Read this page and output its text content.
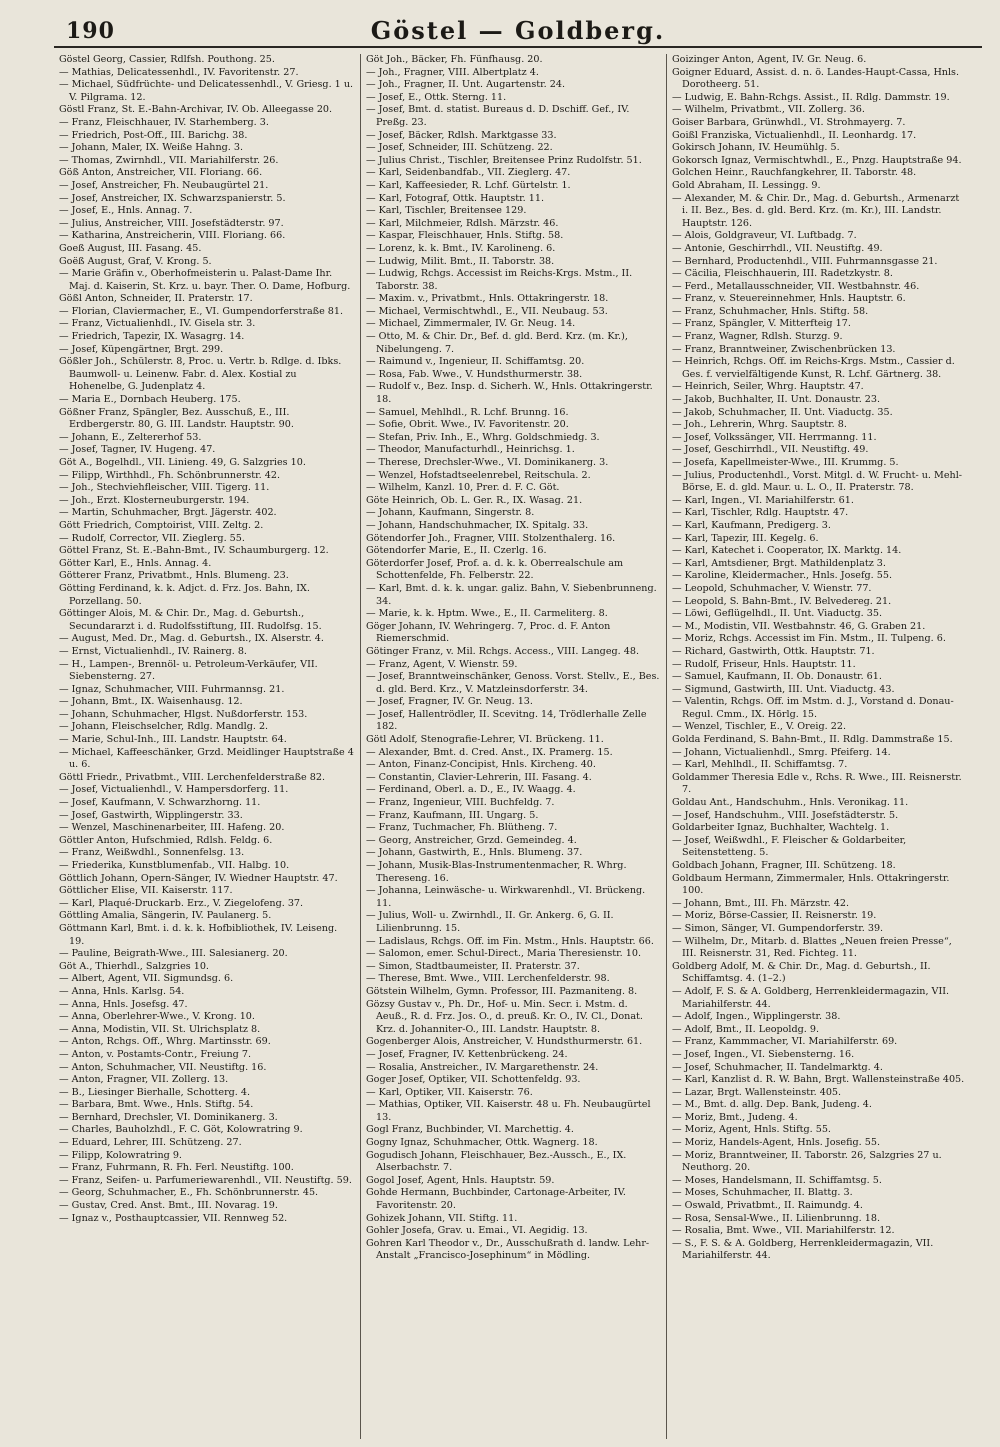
190	Göstel — Goldberg.
Göstel Georg, Cassier, Rdlfsh. Pouthong. 25.
— Mathias, Delicatessenhdl., IV. Favoritenstr. 27.
— Michael, Südfrüchte- und Delicatessenhdl., V. Griesg. 1 u. V. Pilgrama. 12.
Göstl Franz, St. E.-Bahn-Archivar, IV. Ob. Alleegasse 20.
— Franz, Fleischhauer, IV. Starhemberg. 3.
— Friedrich, Post-Off., III. Barichg. 38.
— Johann, Maler, IX. Weiße Hahng. 3.
— Thomas, Zwirnhdl., VII. Mariahilferstr. 26.
Göß Anton, Anstreicher, VII. Floriang. 66.
— Josef, Anstreicher, Fh. Neubaugürtel 21.
— Josef, Anstreicher, IX. Schwarzspanierstr. 5.
— Josef, E., Hnls. Annag. 7.
— Julius, Anstreicher, VIII. Josefstädterstr. 97.
— Katharina, Anstreicherin, VIII. Floriang. 66.
Goeß August, III. Fasang. 45.
Goëß August, Graf, V. Krong. 5.
— Marie Gräfin v., Oberhofmeisterin u. Palast-Dame Ihr. Maj. d. Kaiserin, St. Krz. u. bayr. Ther. O. Dame, Hofburg.
Gößl Anton, Schneider, II. Praterstr. 17.
— Florian, Claviermacher, E., VI. Gumpendorferstraße 81.
— Franz, Victualienhdl., IV. Gisela str. 3.
— Friedrich, Tapezir, IX. Wasagrg. 14.
— Josef, Küpengärtner, Brgt. 299.
Gößler Joh., Schülerstr. 8, Proc. u. Vertr. b. Rdlge. d. Ibks. Baumwoll- u. Leinenw. Fabr. d. Alex. Kostial zu Hohenelbe, G. Judenplatz 4.
— Maria E., Dornbach Heuberg. 175.
Gößner Franz, Spängler, Bez. Ausschuß, E., III. Erdbergerstr. 80, G. III. Landstr. Hauptstr. 90.
— Johann, E., Zeltererhof 53.
— Josef, Tagner, IV. Hugeng. 47.
Göt A., Bogelhdl., VII. Linieng. 49, G. Salzgries 10.
— Filipp, Wirthhdl., Fh. Schönbrunnerstr. 42.
— Joh., Stechviehfleischer, VIII. Tigerg. 11.
— Joh., Erzt. Klosterneuburgerstr. 194.
— Martin, Schuhmacher, Brgt. Jägerstr. 402.
Gött Friedrich, Comptoirist, VIII. Zeltg. 2.
— Rudolf, Corrector, VII. Zieglerg. 55.
Göttel Franz, St. E.-Bahn-Bmt., IV. Schaumburgerg. 12.
Götter Karl, E., Hnls. Annag. 4.
Götterer Franz, Privatbmt., Hnls. Blumeng. 23.
Götting Ferdinand, k. k. Adjct. d. Frz. Jos. Bahn, IX. Porzellang. 50.
Göttinger Alois, M. & Chir. Dr., Mag. d. Geburtsh., Secundararzt i. d. Rudolfsstiftung, III. Rudolfsg. 15.
— August, Med. Dr., Mag. d. Geburtsh., IX. Alserstr. 4.
— Ernst, Victualienhdl., IV. Rainerg. 8.
— H., Lampen-, Brennöl- u. Petroleum-Verkäufer, VII. Siebensterng. 27.
— Ignaz, Schuhmacher, VIII. Fuhrmannsg. 21.
— Johann, Bmt., IX. Waisenhausg. 12.
— Johann, Schuhmacher, Hlgst. Nußdorferstr. 153.
— Johann, Fleischselcher, Rdlg. Mandlg. 2.
— Marie, Schul-Inh., III. Landstr. Hauptstr. 64.
— Michael, Kaffeeschänker, Grzd. Meidlinger Hauptstraße 4 u. 6.
Göttl Friedr., Privatbmt., VIII. Lerchenfelderstraße 82.
— Josef, Victualienhdl., V. Hampersdorferg. 11.
— Josef, Kaufmann, V. Schwarzhorng. 11.
— Josef, Gastwirth, Wipplingerstr. 33.
— Wenzel, Maschinenarbeiter, III. Hafeng. 20.
Göttler Anton, Hufschmied, Rdlsh. Feldg. 6.
— Franz, Weißwdhl., Sonnenfelsg. 13.
— Friederika, Kunstblumenfab., VII. Halbg. 10.
Göttlich Johann, Opern-Sänger, IV. Wiedner Hauptstr. 47.
Göttlicher Elise, VII. Kaiserstr. 117.
— Karl, Plaqué-Druckarb. Erz., V. Ziegelofeng. 37.
Göttling Amalia, Sängerin, IV. Paulanerg. 5.
Göttmann Karl, Bmt. i. d. k. k. Hofbibliothek, IV. Leiseng. 19.
— Pauline, Beigrath-Wwe., III. Salesianerg. 20.
Göt A., Thierhdl., Salzgries 10.
— Albert, Agent, VII. Sigmundsg. 6.
— Anna, Hnls. Karlsg. 54.
— Anna, Hnls. Josefsg. 47.
— Anna, Oberlehrer-Wwe., V. Krong. 10.
— Anna, Modistin, VII. St. Ulrichsplatz 8.
— Anton, Rchgs. Off., Whrg. Martinsstr. 69.
— Anton, v. Postamts-Contr., Freiung 7.
— Anton, Schuhmacher, VII. Neustiftg. 16.
— Anton, Fragner, VII. Zollerg. 13.
— B., Liesinger Bierhalle, Schotterg. 4.
— Barbara, Bmt. Wwe., Hnls. Stiftg. 54.
— Bernhard, Drechsler, VI. Dominikanerg. 3.
— Charles, Bauholzhdl., F. C. Göt, Kolowratring 9.
— Eduard, Lehrer, III. Schützeng. 27.
— Filipp, Kolowratring 9.
— Franz, Fuhrmann, R. Fh. Ferl. Neustiftg. 100.
— Franz, Seifen- u. Parfumeriewarenhdl., VII. Neustiftg. 59.
— Georg, Schuhmacher, E., Fh. Schönbrunnerstr. 45.
— Gustav, Cred. Anst. Bmt., III. Novarag. 19.
— Ignaz v., Posthauptcassier, VII. Rennweg 52.
Göt Joh., Bäcker, Fh. Fünfhausg. 20.
— Joh., Fragner, VIII. Albertplatz 4.
— Joh., Fragner, II. Unt. Augartenstr. 24.
— Josef, E., Ottk. Sterng. 11.
— Josef, Bmt. d. statist. Bureaus d. D. Dschiff. Gef., IV. Preßg. 23.
— Josef, Bäcker, Rdlsh. Marktgasse 33.
— Josef, Schneider, III. Schützeng. 22.
— Julius Christ., Tischler, Breitensee Prinz Rudolfstr. 51.
— Karl, Seidenbandfab., VII. Zieglerg. 47.
— Karl, Kaffeesieder, R. Lchf. Gürtelstr. 1.
— Karl, Fotograf, Ottk. Hauptstr. 11.
— Karl, Tischler, Breitensee 129.
— Karl, Milchmeier, Rdlsh. Märzstr. 46.
— Kaspar, Fleischhauer, Hnls. Stiftg. 58.
— Lorenz, k. k. Bmt., IV. Karolineng. 6.
— Ludwig, Milit. Bmt., II. Taborstr. 38.
— Ludwig, Rchgs. Accessist im Reichs-Krgs. Mstm., II. Taborstr. 38.
— Maxim. v., Privatbmt., Hnls. Ottakringerstr. 18.
— Michael, Vermischtwhdl., E., VII. Neubaug. 53.
— Michael, Zimmermaler, IV. Gr. Neug. 14.
— Otto, M. & Chir. Dr., Bef. d. gld. Berd. Krz. (m. Kr.), Nibelungeng. 7.
— Raimund v., Ingenieur, II. Schiffamtsg. 20.
— Rosa, Fab. Wwe., V. Hundsthurmerstr. 38.
— Rudolf v., Bez. Insp. d. Sicherh. W., Hnls. Ottakringerstr. 18.
— Samuel, Mehlhdl., R. Lchf. Brunng. 16.
— Sofie, Obrit. Wwe., IV. Favoritenstr. 20.
— Stefan, Priv. Inh., E., Whrg. Goldschmiedg. 3.
— Theodor, Manufacturhdl., Heinrichsg. 1.
— Therese, Drechsler-Wwe., VI. Dominikanerg. 3.
— Wenzel, Hofstadtseelenrebel, Reitschula. 2.
— Wilhelm, Kanzl. 10, Prer. d. F. C. Göt.
Göte Heinrich, Ob. L. Ger. R., IX. Wasag. 21.
— Johann, Kaufmann, Singerstr. 8.
— Johann, Handschuhmacher, IX. Spitalg. 33.
Götendorfer Joh., Fragner, VIII. Stolzenthalerg. 16.
Götendorfer Marie, E., II. Czerlg. 16.
Göterdorfer Josef, Prof. a. d. k. k. Oberrealschule am Schottenfelde, Fh. Felberstr. 22.
— Karl, Bmt. d. k. k. ungar. galiz. Bahn, V. Siebenbrunneng. 34.
— Marie, k. k. Hptm. Wwe., E., II. Carmeliterg. 8.
Göger Johann, IV. Wehringerg. 7, Proc. d. F. Anton Riemerschmid.
Götinger Franz, v. Mil. Rchgs. Access., VIII. Langeg. 48.
— Franz, Agent, V. Wienstr. 59.
— Josef, Branntweinschänker, Genoss. Vorst. Stellv., E., Bes. d. gld. Berd. Krz., V. Matzleinsdorferstr. 34.
— Josef, Fragner, IV. Gr. Neug. 13.
— Josef, Hallentrödler, II. Scevitng. 14, Trödlerhalle Zelle 182.
Götl Adolf, Stenografie-Lehrer, VI. Brückeng. 11.
— Alexander, Bmt. d. Cred. Anst., IX. Pramerg. 15.
— Anton, Finanz-Concipist, Hnls. Kircheng. 40.
— Constantin, Clavier-Lehrerin, III. Fasang. 4.
— Ferdinand, Oberl. a. D., E., IV. Waagg. 4.
— Franz, Ingenieur, VIII. Buchfeldg. 7.
— Franz, Kaufmann, III. Ungarg. 5.
— Franz, Tuchmacher, Fh. Blütheng. 7.
— Georg, Anstreicher, Grzd. Gemeindeg. 4.
— Johann, Gastwirth, E., Hnls. Blumeng. 37.
— Johann, Musik-Blas-Instrumentenmacher, R. Whrg. Thereseng. 16.
— Johanna, Leinwäsche- u. Wirkwarenhdl., VI. Brückeng. 11.
— Julius, Woll- u. Zwirnhdl., II. Gr. Ankerg. 6, G. II. Lilienbrunng. 15.
— Ladislaus, Rchgs. Off. im Fin. Mstm., Hnls. Hauptstr. 66.
— Salomon, emer. Schul-Direct., Maria Theresienstr. 10.
— Simon, Stadtbaumeister, II. Praterstr. 37.
— Therese, Bmt. Wwe., VIII. Lerchenfelderstr. 98.
Götstein Wilhelm, Gymn. Professor, III. Pazmaniteng. 8.
Gözsy Gustav v., Ph. Dr., Hof- u. Min. Secr. i. Mstm. d. Aeuß., R. d. Frz. Jos. O., d. preuß. Kr. O., IV. Cl., Donat. Krz. d. Johanniter-O., III. Landstr. Hauptstr. 8.
Gogenberger Alois, Anstreicher, V. Hundsthurmerstr. 61.
— Josef, Fragner, IV. Kettenbrückeng. 24.
— Rosalia, Anstreicher., IV. Margarethenstr. 24.
Goger Josef, Optiker, VII. Schottenfeldg. 93.
— Karl, Optiker, VII. Kaiserstr. 76.
— Mathias, Optiker, VII. Kaiserstr. 48 u. Fh. Neubaugürtel 13.
Gogl Franz, Buchbinder, VI. Marchettig. 4.
Gogny Ignaz, Schuhmacher, Ottk. Wagnerg. 18.
Gogudisch Johann, Fleischhauer, Bez.-Aussch., E., IX. Alserbachstr. 7.
Gogol Josef, Agent, Hnls. Hauptstr. 59.
Gohde Hermann, Buchbinder, Cartonage-Arbeiter, IV. Favoritenstr. 20.
Gohizek Johann, VII. Stiftg. 11.
Gohler Josefa, Grav. u. Emai., VI. Aegidig. 13.
Gohren Karl Theodor v., Dr., Ausschußrath d. landw. Lehr-Anstalt „Francisco-Josephinum“ in Mödling.
Goizinger Anton, Agent, IV. Gr. Neug. 6.
Goigner Eduard, Assist. d. n. ö. Landes-Haupt-Cassa, Hnls. Dorotheerg. 51.
— Ludwig, E. Bahn-Rchgs. Assist., II. Rdlg. Dammstr. 19.
— Wilhelm, Privatbmt., VII. Zollerg. 36.
Goiser Barbara, Grünwhdl., VI. Strohmayerg. 7.
Goißl Franziska, Victualienhdl., II. Leonhardg. 17.
Gokirsch Johann, IV. Heumühlg. 5.
Gokorsch Ignaz, Vermischtwhdl., E., Pnzg. Hauptstraße 94.
Golchen Heinr., Rauchfangkehrer, II. Taborstr. 48.
Gold Abraham, II. Lessingg. 9.
— Alexander, M. & Chir. Dr., Mag. d. Geburtsh., Armenarzt i. II. Bez., Bes. d. gld. Berd. Krz. (m. Kr.), III. Landstr. Hauptstr. 126.
— Alois, Goldgraveur, VI. Luftbadg. 7.
— Antonie, Geschirrhdl., VII. Neustiftg. 49.
— Bernhard, Productenhdl., VIII. Fuhrmannsgasse 21.
— Cäcilia, Fleischhauerin, III. Radetzkystr. 8.
— Ferd., Metallausschneider, VII. Westbahnstr. 46.
— Franz, v. Steuereinnehmer, Hnls. Hauptstr. 6.
— Franz, Schuhmacher, Hnls. Stiftg. 58.
— Franz, Spängler, V. Mitterfteig 17.
— Franz, Wagner, Rdlsh. Sturzg. 9.
— Franz, Branntweiner, Zwischenbrücken 13.
— Heinrich, Rchgs. Off. im Reichs-Krgs. Mstm., Cassier d. Ges. f. vervielfältigende Kunst, R. Lchf. Gärtnerg. 38.
— Heinrich, Seiler, Whrg. Hauptstr. 47.
— Jakob, Buchhalter, II. Unt. Donaustr. 23.
— Jakob, Schuhmacher, II. Unt. Viaductg. 35.
— Joh., Lehrerin, Whrg. Sauptstr. 8.
— Josef, Volkssänger, VII. Herrmanng. 11.
— Josef, Geschirrhdl., VII. Neustiftg. 49.
— Josefa, Kapellmeister-Wwe., III. Krummg. 5.
— Julius, Productenhdl., Vorst. Mitgl. d. W. Frucht- u. Mehl-Börse, E. d. gld. Maur. u. L. O., II. Praterstr. 78.
— Karl, Ingen., VI. Mariahilferstr. 61.
— Karl, Tischler, Rdlg. Hauptstr. 47.
— Karl, Kaufmann, Predigerg. 3.
— Karl, Tapezir, III. Kegelg. 6.
— Karl, Katechet i. Cooperator, IX. Marktg. 14.
— Karl, Amtsdiener, Brgt. Mathildenplatz 3.
— Karoline, Kleidermacher., Hnls. Josefg. 55.
— Leopold, Schuhmacher, V. Wienstr. 77.
— Leopold, S. Bahn-Bmt., IV. Belvedereg. 21.
— Löwi, Geflügelhdl., II. Unt. Viaductg. 35.
— M., Modistin, VII. Westbahnstr. 46, G. Graben 21.
— Moriz, Rchgs. Accessist im Fin. Mstm., II. Tulpeng. 6.
— Richard, Gastwirth, Ottk. Hauptstr. 71.
— Rudolf, Friseur, Hnls. Hauptstr. 11.
— Samuel, Kaufmann, II. Ob. Donaustr. 61.
— Sigmund, Gastwirth, III. Unt. Viaductg. 43.
— Valentin, Rchgs. Off. im Mstm. d. J., Vorstand d. Donau-Regul. Cmm., IX. Hörlg. 15.
— Wenzel, Tischler, E., V. Oreig. 22.
Golda Ferdinand, S. Bahn-Bmt., II. Rdlg. Dammstraße 15.
— Johann, Victualienhdl., Smrg. Pfeiferg. 14.
— Karl, Mehlhdl., II. Schiffamtsg. 7.
Goldammer Theresia Edle v., Rchs. R. Wwe., III. Reisnerstr. 7.
Goldau Ant., Handschuhm., Hnls. Veronikag. 11.
— Josef, Handschuhm., VIII. Josefstädterstr. 5.
Goldarbeiter Ignaz, Buchhalter, Wachtelg. 1.
— Josef, Weißwdhl., F. Fleischer & Goldarbeiter, Seitenstetteng. 5.
Goldbach Johann, Fragner, III. Schützeng. 18.
Goldbaum Hermann, Zimmermaler, Hnls. Ottakringerstr. 100.
— Johann, Bmt., III. Fh. Märzstr. 42.
— Moriz, Börse-Cassier, II. Reisnerstr. 19.
— Simon, Sänger, VI. Gumpendorferstr. 39.
— Wilhelm, Dr., Mitarb. d. Blattes „Neuen freien Presse“, III. Reisnerstr. 31, Red. Fichteg. 11.
Goldberg Adolf, M. & Chir. Dr., Mag. d. Geburtsh., II. Schiffamtsg. 4. (1–2.)
— Adolf, F. S. & A. Goldberg, Herrenkleidermagazin, VII. Mariahilferstr. 44.
— Adolf, Ingen., Wipplingerstr. 38.
— Adolf, Bmt., II. Leopoldg. 9.
— Franz, Kammmacher, VI. Mariahilferstr. 69.
— Josef, Ingen., VI. Siebensterng. 16.
— Josef, Schuhmacher, II. Tandelmarktg. 4.
— Karl, Kanzlist d. R. W. Bahn, Brgt. Wallensteinstraße 405.
— Lazar, Brgt. Wallensteinstr. 405.
— M., Bmt. d. allg. Dep. Bank, Judeng. 4.
— Moriz, Bmt., Judeng. 4.
— Moriz, Agent, Hnls. Stiftg. 55.
— Moriz, Handels-Agent, Hnls. Josefig. 55.
— Moriz, Branntweiner, II. Taborstr. 26, Salzgries 27 u. Neuthorg. 20.
— Moses, Handelsmann, II. Schiffamtsg. 5.
— Moses, Schuhmacher, II. Blattg. 3.
— Oswald, Privatbmt., II. Raimundg. 4.
— Rosa, Sensal-Wwe., II. Lilienbrunng. 18.
— Rosalia, Bmt. Wwe., VII. Mariahilferstr. 12.
— S., F. S. & A. Goldberg, Herrenkleidermagazin, VII. Mariahilferstr. 44.
